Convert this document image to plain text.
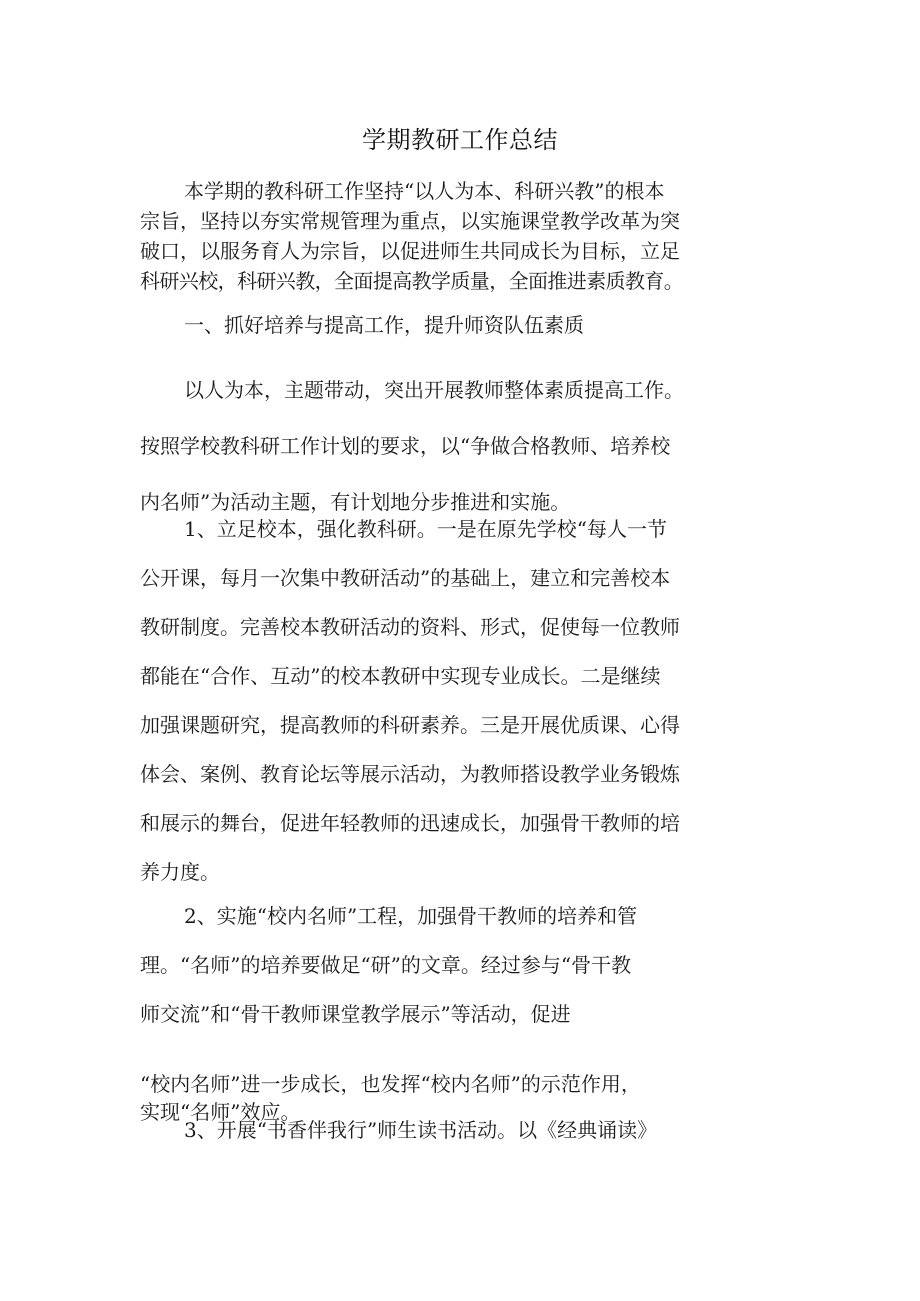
学期教研工作总结

本学期的教科研工作坚持“以人为本、科研兴教”的根本
宗旨，坚持以夯实常规管理为重点，以实施课堂教学改革为突
破口，以服务育人为宗旨，以促进师生共同成长为目标，立足
科研兴校，科研兴教，全面提高教学质量，全面推进素质教育。

一、抓好培养与提高工作，提升师资队伍素质

以人为本，主题带动，突出开展教师整体素质提高工作。
按照学校教科研工作计划的要求，以“争做合格教师、培养校
内名师”为活动主题，有计划地分步推进和实施。

1、立足校本，强化教科研。一是在原先学校“每人一节
公开课，每月一次集中教研活动”的基础上，建立和完善校本
教研制度。完善校本教研活动的资料、形式，促使每一位教师
都能在“合作、互动”的校本教研中实现专业成长。二是继续
加强课题研究，提高教师的科研素养。三是开展优质课、心得
体会、案例、教育论坛等展示活动，为教师搭设教学业务锻炼
和展示的舞台，促进年轻教师的迅速成长，加强骨干教师的培
养力度。

2、实施“校内名师”工程，加强骨干教师的培养和管
理。“名师”的培养要做足“研”的文章。经过参与“骨干教
师交流”和“骨干教师课堂教学展示”等活动，促进

“校内名师”进一步成长，也发挥“校内名师”的示范作用，
实现“名师”效应。

3、开展“书香伴我行”师生读书活动。以《经典诵读》
